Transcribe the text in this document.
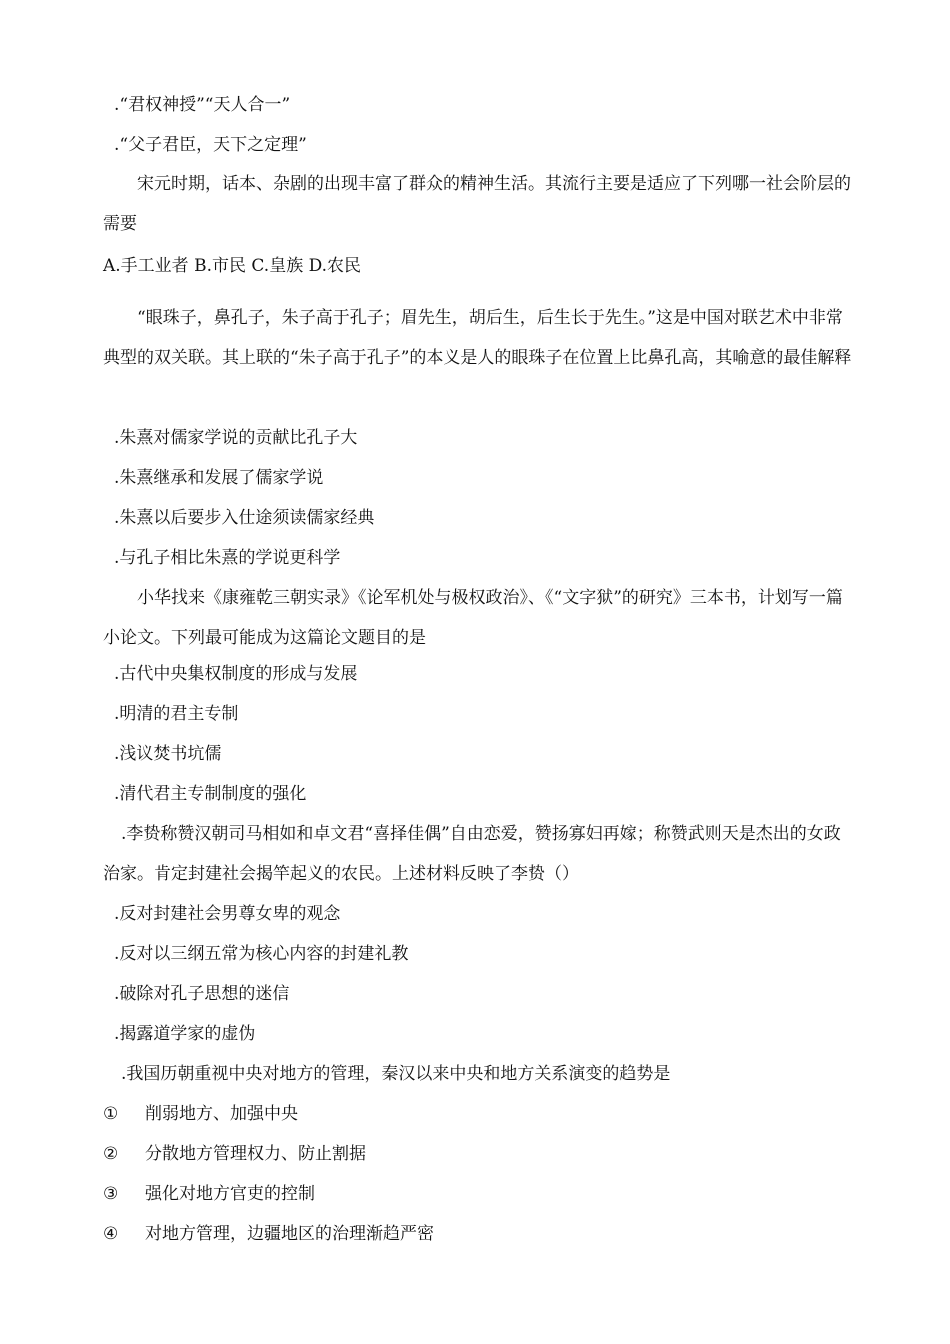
.“君权神授”“天人合一”
.“父子君臣，天下之定理”
宋元时期，话本、杂剧的出现丰富了群众的精神生活。其流行主要是适应了下列哪一社会阶层的需要
A.手工业者 B.市民 C.皇族 D.农民
“眼珠子，鼻孔子，朱子高于孔子；眉先生，胡后生，后生长于先生。”这是中国对联艺术中非常典型的双关联。其上联的“朱子高于孔子”的本义是人的眼珠子在位置上比鼻孔高，其喻意的最佳解释
.朱熹对儒家学说的贡献比孔子大
.朱熹继承和发展了儒家学说
.朱熹以后要步入仕途须读儒家经典
.与孔子相比朱熹的学说更科学
小华找来《康雍乾三朝实录》《论军机处与极权政治》、《“文字狱”的研究》三本书，计划写一篇小论文。下列最可能成为这篇论文题目的是
.古代中央集权制度的形成与发展
.明清的君主专制
.浅议焚书坑儒
.清代君主专制制度的强化
.李贽称赞汉朝司马相如和卓文君“喜择佳偶”自由恋爱，赞扬寡妇再嫁；称赞武则天是杰出的女政治家。肯定封建社会揭竿起义的农民。上述材料反映了李贽（）
.反对封建社会男尊女卑的观念
.反对以三纲五常为核心内容的封建礼教
.破除对孔子思想的迷信
.揭露道学家的虚伪
.我国历朝重视中央对地方的管理，秦汉以来中央和地方关系演变的趋势是
①	削弱地方、加强中央
②	分散地方管理权力、防止割据
③	强化对地方官吏的控制
④	对地方管理，边疆地区的治理渐趋严密
